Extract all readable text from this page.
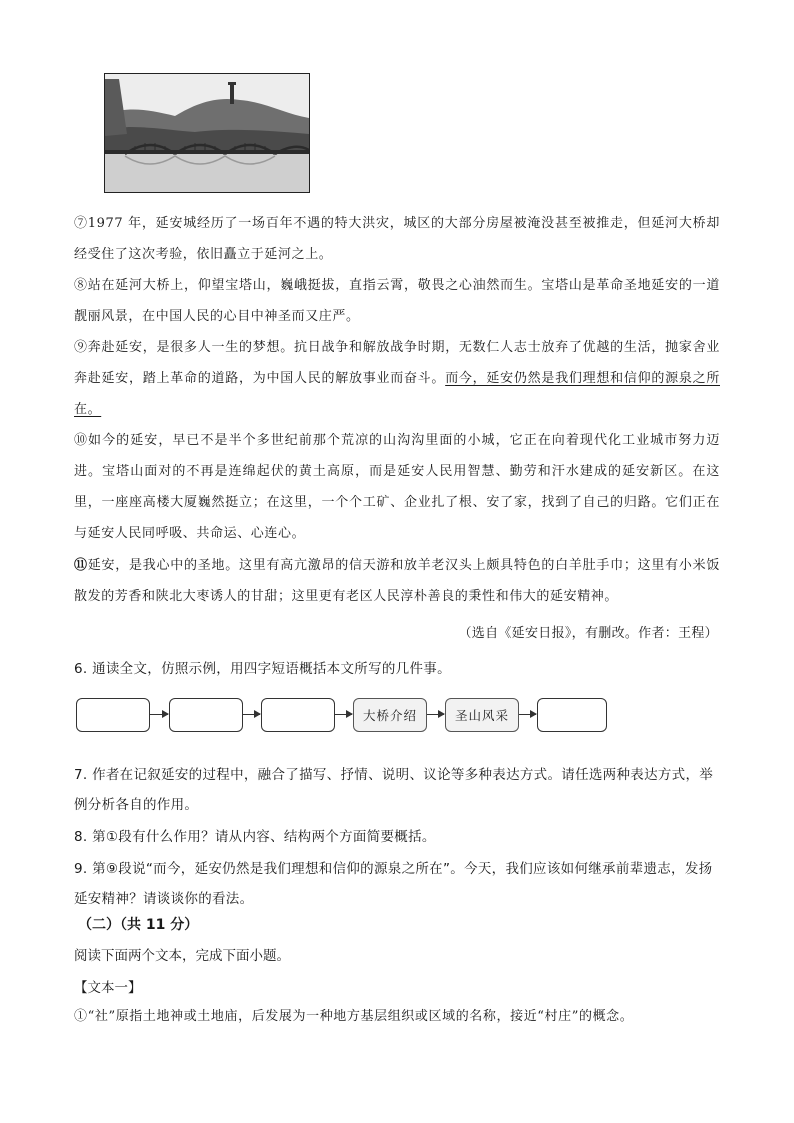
⑦1977 年，延安城经历了一场百年不遇的特大洪灾，城区的大部分房屋被淹没甚至被推走，但延河大桥却经受住了这次考验，依旧矗立于延河之上。
⑧站在延河大桥上，仰望宝塔山，巍峨挺拔，直指云霄，敬畏之心油然而生。宝塔山是革命圣地延安的一道靓丽风景，在中国人民的心目中神圣而又庄严。
⑨奔赴延安，是很多人一生的梦想。抗日战争和解放战争时期，无数仁人志士放弃了优越的生活，抛家舍业奔赴延安，踏上革命的道路，为中国人民的解放事业而奋斗。而今，延安仍然是我们理想和信仰的源泉之所在。
⑩如今的延安，早已不是半个多世纪前那个荒凉的山沟沟里面的小城，它正在向着现代化工业城市努力迈进。宝塔山面对的不再是连绵起伏的黄土高原，而是延安人民用智慧、勤劳和汗水建成的延安新区。在这里，一座座高楼大厦巍然挺立；在这里，一个个工矿、企业扎了根、安了家，找到了自己的归路。它们正在与延安人民同呼吸、共命运、心连心。
⑪延安，是我心中的圣地。这里有高亢激昂的信天游和放羊老汉头上颇具特色的白羊肚手巾；这里有小米饭散发的芳香和陕北大枣诱人的甘甜；这里更有老区人民淳朴善良的秉性和伟大的延安精神。
（选自《延安日报》，有删改。作者：王程）
6. 通读全文，仿照示例，用四字短语概括本文所写的几件事。
大桥介绍	圣山风采
7. 作者在记叙延安的过程中，融合了描写、抒情、说明、议论等多种表达方式。请任选两种表达方式，举例分析各自的作用。
8. 第①段有什么作用？请从内容、结构两个方面简要概括。
9. 第⑨段说“而今，延安仍然是我们理想和信仰的源泉之所在”。今天，我们应该如何继承前辈遗志，发扬延安精神？请谈谈你的看法。
（二）（共 11 分）
阅读下面两个文本，完成下面小题。
【文本一】
①“社”原指土地神或土地庙，后发展为一种地方基层组织或区域的名称，接近“村庄”的概念。
